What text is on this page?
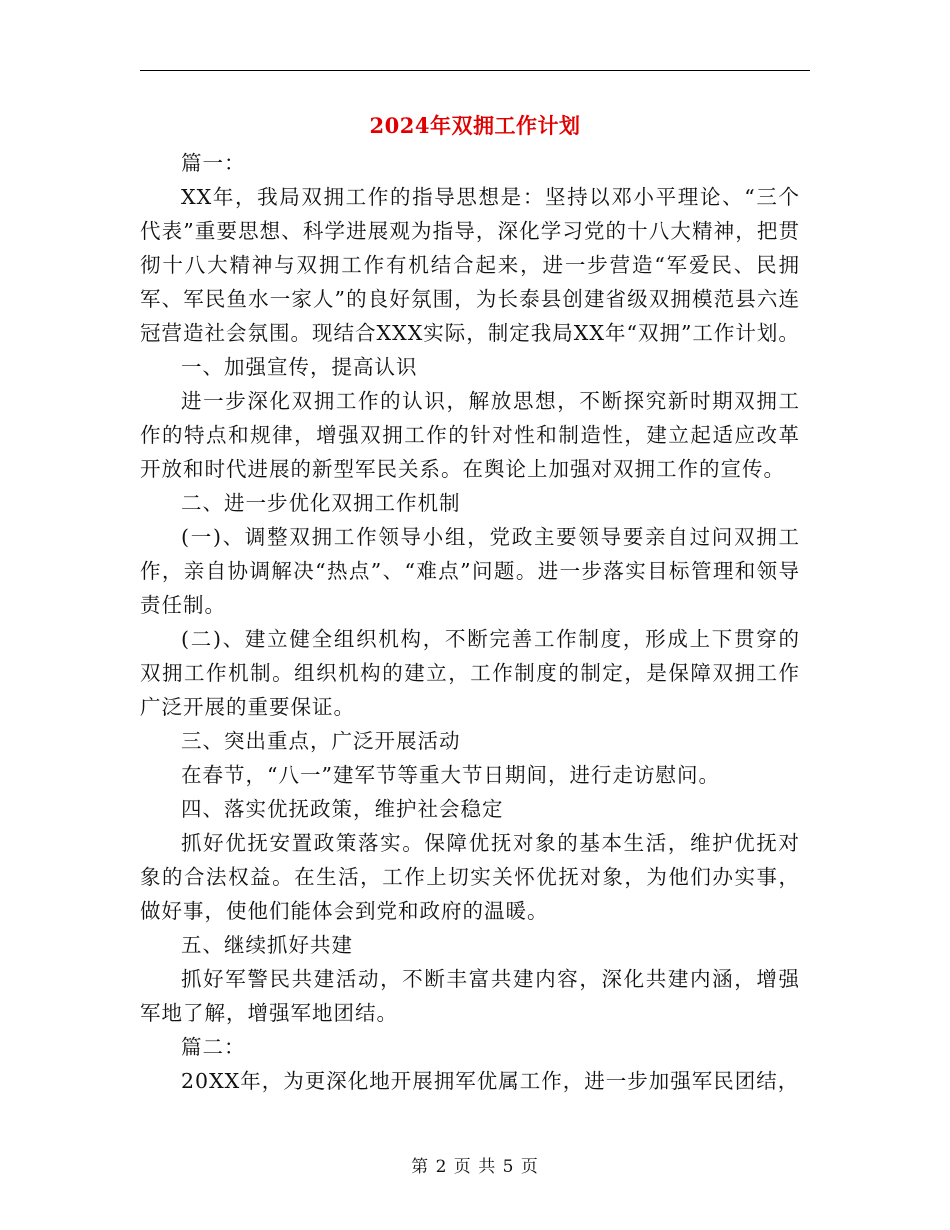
2024年双拥工作计划

篇一：

XX年，我局双拥工作的指导思想是：坚持以邓小平理论、“三个代表”重要思想、科学进展观为指导，深化学习党的十八大精神，把贯彻十八大精神与双拥工作有机结合起来，进一步营造“军爱民、民拥军、军民鱼水一家人”的良好氛围，为长泰县创建省级双拥模范县六连冠营造社会氛围。现结合XXX实际，制定我局XX年“双拥”工作计划。

一、加强宣传，提高认识

进一步深化双拥工作的认识，解放思想，不断探究新时期双拥工作的特点和规律，增强双拥工作的针对性和制造性，建立起适应改革开放和时代进展的新型军民关系。在舆论上加强对双拥工作的宣传。

二、进一步优化双拥工作机制

(一)、调整双拥工作领导小组，党政主要领导要亲自过问双拥工作，亲自协调解决“热点”、“难点”问题。进一步落实目标管理和领导责任制。

(二)、建立健全组织机构，不断完善工作制度，形成上下贯穿的双拥工作机制。组织机构的建立，工作制度的制定，是保障双拥工作广泛开展的重要保证。

三、突出重点，广泛开展活动

在春节，“八一”建军节等重大节日期间，进行走访慰问。

四、落实优抚政策，维护社会稳定

抓好优抚安置政策落实。保障优抚对象的基本生活，维护优抚对象的合法权益。在生活，工作上切实关怀优抚对象，为他们办实事，做好事，使他们能体会到党和政府的温暖。

五、继续抓好共建

抓好军警民共建活动，不断丰富共建内容，深化共建内涵，增强军地了解，增强军地团结。

篇二：

20XX年，为更深化地开展拥军优属工作，进一步加强军民团结，

第 2 页 共 5 页
